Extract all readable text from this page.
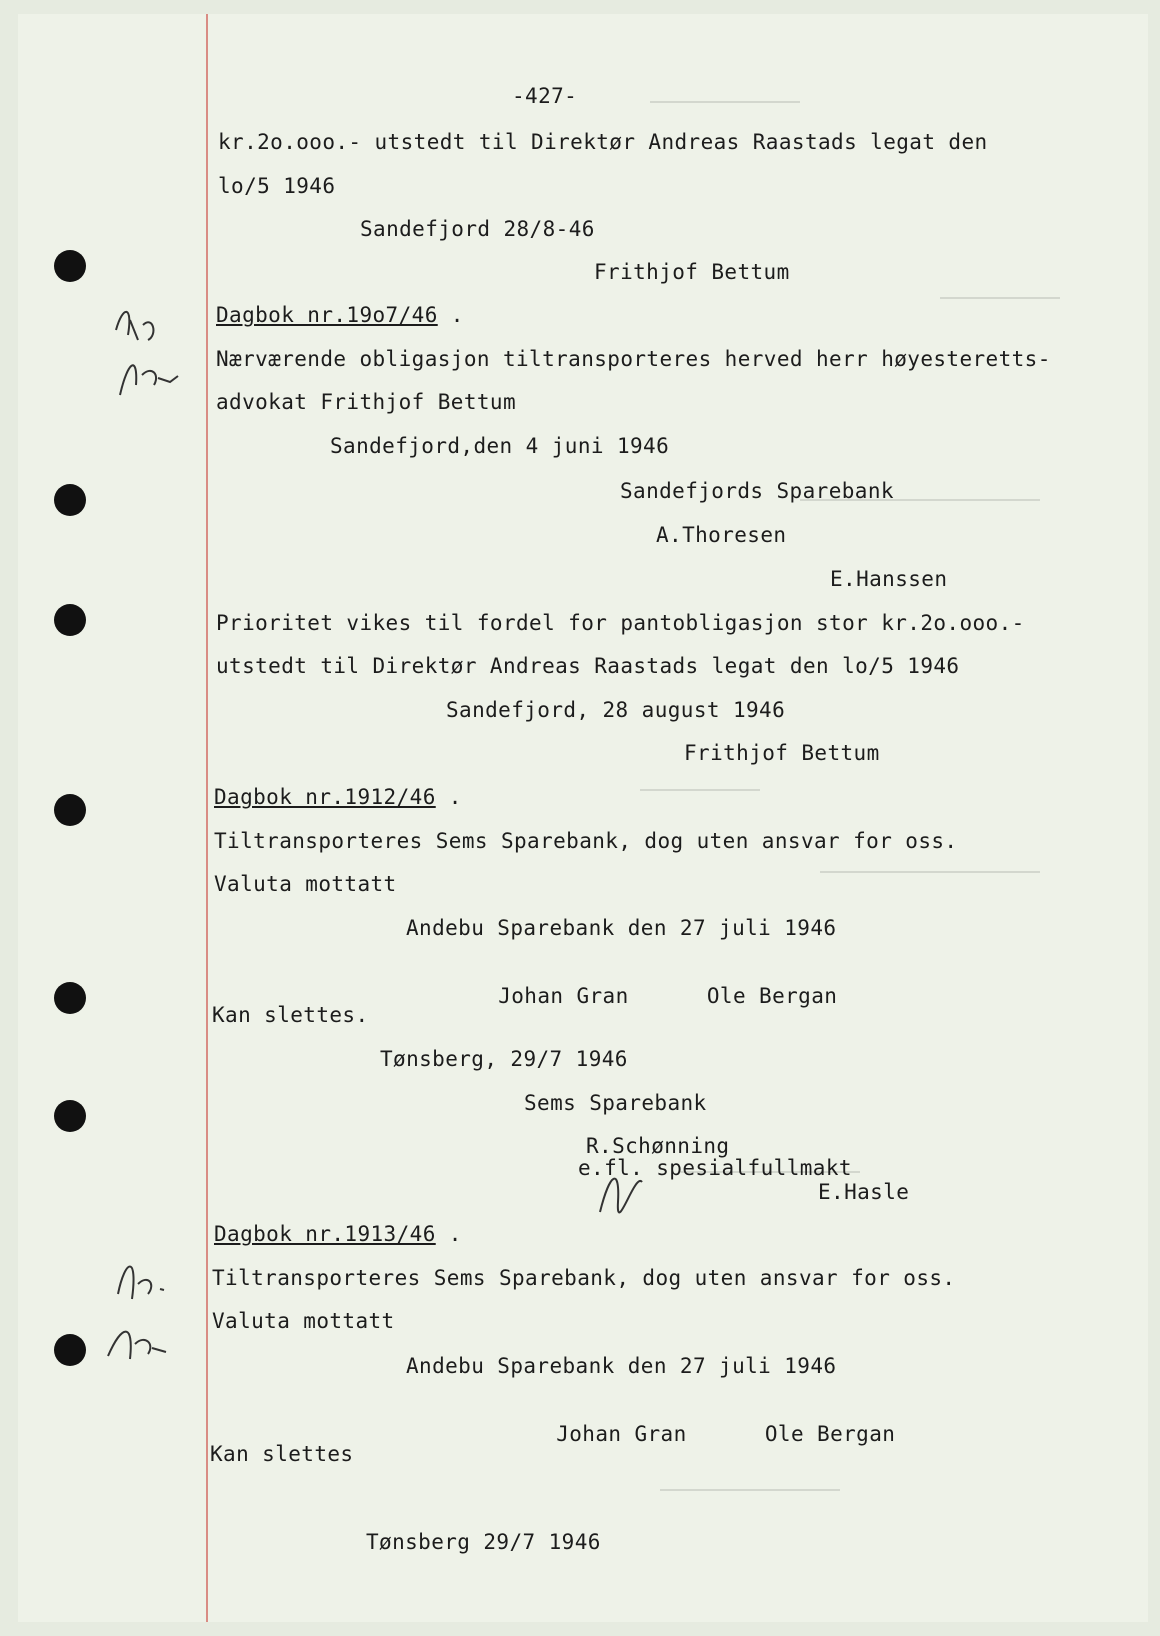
-427-
kr.2o.ooo.- utstedt til Direktør Andreas Raastads legat den
lo/5 1946
Sandefjord 28/8-46
Frithjof Bettum
Dagbok nr.19o7/46 .
Nærværende obligasjon tiltransporteres herved herr høyesteretts-
advokat Frithjof Bettum
Sandefjord,den 4 juni 1946
Sandefjords Sparebank
A.Thoresen
E.Hanssen
Prioritet vikes til fordel for pantobligasjon stor kr.2o.ooo.-
utstedt til Direktør Andreas Raastads legat den lo/5 1946
Sandefjord, 28 august 1946
Frithjof Bettum
Dagbok nr.1912/46 .
Tiltransporteres Sems Sparebank, dog uten ansvar for oss.
Valuta mottatt
Andebu Sparebank den 27 juli 1946

Johan Gran      Ole Bergan

Kan slettes.
Tønsberg, 29/7 1946
Sems Sparebank
R.Schønning
e.fl. spesialfullmakt
E.Hasle
Dagbok nr.1913/46 .
Tiltransporteres Sems Sparebank, dog uten ansvar for oss.
Valuta mottatt
Andebu Sparebank den 27 juli 1946

Johan Gran      Ole Bergan

Kan slettes
Tønsberg 29/7 1946
